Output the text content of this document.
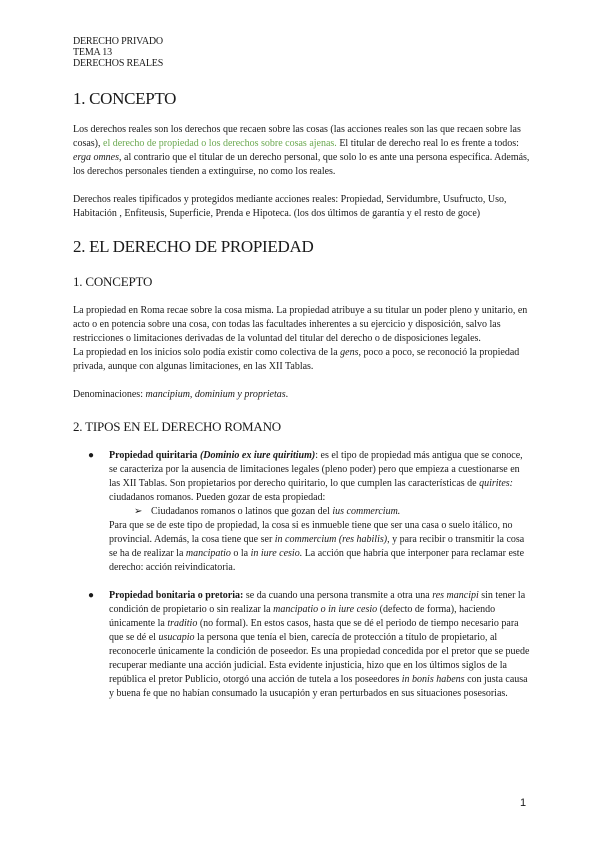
DERECHO PRIVADO
TEMA 13
DERECHOS REALES
1. CONCEPTO

Los derechos reales son los derechos que recaen sobre las cosas (las acciones reales son las que recaen sobre las cosas), el derecho de propiedad o los derechos sobre cosas ajenas. El titular de derecho real lo es frente a todos: erga omnes, al contrario que el titular de un derecho personal, que solo lo es ante una persona específica. Además, los derechos personales tienden a extinguirse, no como los reales.

Derechos reales tipificados y protegidos mediante acciones reales: Propiedad, Servidumbre, Usufructo, Uso, Habitación , Enfiteusis, Superficie, Prenda e Hipoteca. (los dos últimos de garantía y el resto de goce)

2. EL DERECHO DE PROPIEDAD
1. CONCEPTO

La propiedad en Roma recae sobre la cosa misma. La propiedad atribuye a su titular un poder pleno y unitario, en acto o en potencia sobre una cosa, con todas las facultades inherentes a su ejercicio y disposición, salvo las restricciones o limitaciones derivadas de la voluntad del titular del derecho o de disposiciones legales.

La propiedad en los inicios solo podía existir como colectiva de la gens, poco a poco, se reconoció la propiedad privada, aunque con algunas limitaciones, en las XII Tablas.

Denominaciones: mancipium, dominium y proprietas.

2. TIPOS EN EL DERECHO ROMANO
● Propiedad quiritaria (Dominio ex iure quiritium): es el tipo de propiedad más antigua que se conoce, se caracteriza por la ausencia de limitaciones legales (pleno poder) pero que empieza a cuestionarse en las XII Tablas. Son propietarios por derecho quiritario, lo que cumplen las características de quirites: ciudadanos romanos. Pueden gozar de esta propiedad:
➢ Ciudadanos romanos o latinos que gozan del ius commercium.
Para que se de este tipo de propiedad, la cosa si es inmueble tiene que ser una casa o suelo itálico, no provincial. Además, la cosa tiene que ser in commercium (res habilis), y para recibir o transmitir la cosa se ha de realizar la mancipatio o la in iure cesio. La acción que habría que interponer para reclamar este derecho: acción reivindicatoria.
● Propiedad bonitaria o pretoria: se da cuando una persona transmite a otra una res mancipi sin tener la condición de propietario o sin realizar la mancipatio o in iure cesio (defecto de forma), haciendo únicamente la traditio (no formal). En estos casos, hasta que se dé el periodo de tiempo necesario para que se dé el usucapio la persona que tenía el bien, carecía de protección a título de propietario, al reconocerle únicamente la condición de poseedor. Es una propiedad concedida por el pretor que se puede recuperar mediante una acción judicial. Esta evidente injusticia, hizo que en los últimos siglos de la república el pretor Publicio, otorgó una acción de tutela a los poseedores in bonis habens con justa causa y buena fe que no habían consumado la usucapión y eran perturbados en sus situaciones posesorias.
1
